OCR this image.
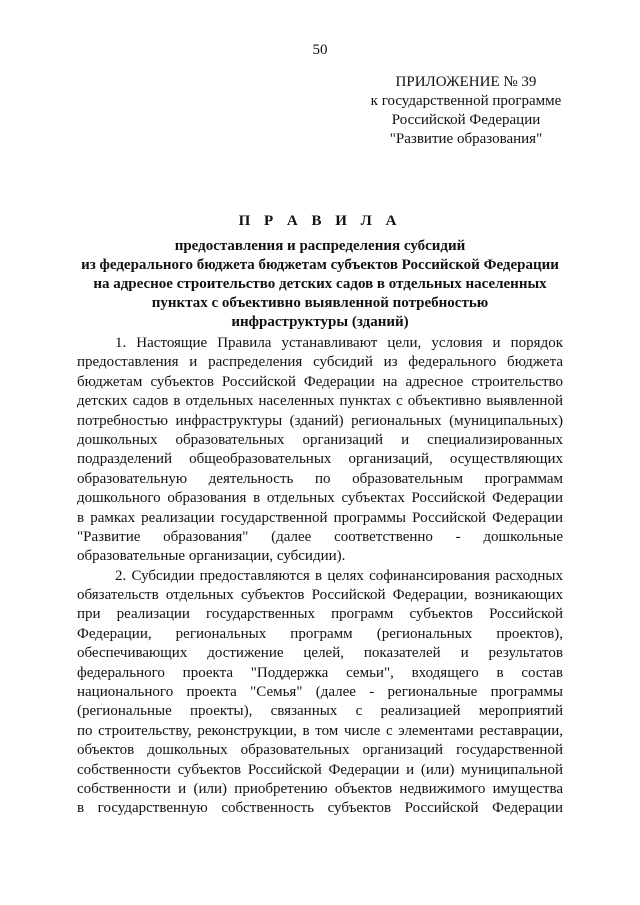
50
ПРИЛОЖЕНИЕ № 39
к государственной программе
Российской Федерации
"Развитие образования"
П Р А В И Л А
предоставления и распределения субсидий
из федерального бюджета бюджетам субъектов Российской Федерации
на адресное строительство детских садов в отдельных населенных
пунктах с объективно выявленной потребностью
инфраструктуры (зданий)
1. Настоящие Правила устанавливают цели, условия и порядок
предоставления и распределения субсидий из федерального бюджета
бюджетам субъектов Российской Федерации на адресное строительство
детских садов в отдельных населенных пунктах с объективно выявленной
потребностью инфраструктуры (зданий) региональных (муниципальных)
дошкольных образовательных организаций и специализированных
подразделений общеобразовательных организаций, осуществляющих
образовательную деятельность по образовательным программам
дошкольного образования в отдельных субъектах Российской Федерации
в рамках реализации государственной программы Российской Федерации
"Развитие образования" (далее соответственно - дошкольные
образовательные организации, субсидии).
2. Субсидии предоставляются в целях софинансирования расходных
обязательств отдельных субъектов Российской Федерации, возникающих
при реализации государственных программ субъектов Российской
Федерации, региональных программ (региональных проектов),
обеспечивающих достижение целей, показателей и результатов
федерального проекта "Поддержка семьи", входящего в состав
национального проекта "Семья" (далее - региональные программы
(региональные проекты), связанных с реализацией мероприятий
по строительству, реконструкции, в том числе с элементами реставрации,
объектов дошкольных образовательных организаций государственной
собственности субъектов Российской Федерации и (или) муниципальной
собственности и (или) приобретению объектов недвижимого имущества
в государственную собственность субъектов Российской Федерации
